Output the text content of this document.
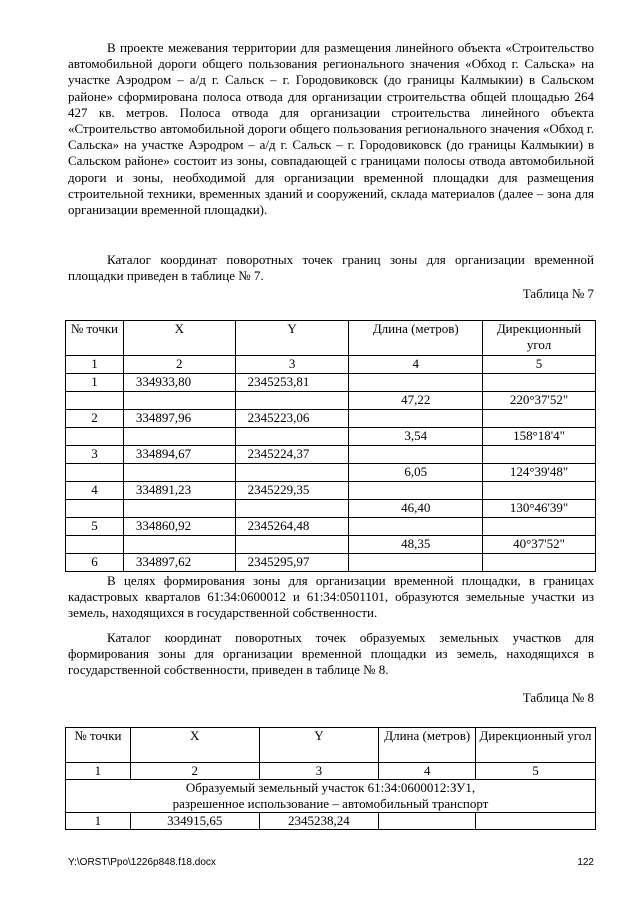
В проекте межевания территории для размещения линейного объекта «Строительство автомобильной дороги общего пользования регионального значения «Обход г. Сальска» на участке Аэродром – а/д г. Сальск – г. Городовиковск (до границы Калмыкии) в Сальском районе» сформирована полоса отвода для организации строительства общей площадью 264 427 кв. метров. Полоса отвода для организации строительства линейного объекта «Строительство автомобильной дороги общего пользования регионального значения «Обход г. Сальска» на участке Аэродром – а/д г. Сальск – г. Городовиковск (до границы Калмыкии) в Сальском районе» состоит из зоны, совпадающей с границами полосы отвода автомобильной дороги и зоны, необходимой для организации временной площадки для размещения строительной техники, временных зданий и сооружений, склада материалов (далее – зона для организации временной площадки).

Каталог координат поворотных точек границ зоны для организации временной площадки приведен в таблице № 7.

Таблица № 7
№ точки	X	Y	Длина (метров)	Дирекционный угол
1	2	3	4	5
1	334933,80	2345253,81		
			47,22	220°37'52"
2	334897,96	2345223,06		
			3,54	158°18'4"
3	334894,67	2345224,37		
			6,05	124°39'48"
4	334891,23	2345229,35		
			46,40	130°46'39"
5	334860,92	2345264,48		
			48,35	40°37'52"
6	334897,62	2345295,97		

В целях формирования зоны для организации временной площадки, в границах кадастровых кварталов 61:34:0600012 и 61:34:0501101, образуются земельные участки из земель, находящихся в государственной собственности.

Каталог координат поворотных точек образуемых земельных участков для формирования зоны для организации временной площадки из земель, находящихся в государственной собственности, приведен в таблице № 8.

Таблица № 8
№ точки	X	Y	Длина (метров)	Дирекционный угол
1	2	3	4	5

Образуемый земельный участок 61:34:0600012:ЗУ1,
разрешенное использование – автомобильный транспорт				

1	334915,65	2345238,24		
Y:\ORST\Ppo\1226p848.f18.docx	122
